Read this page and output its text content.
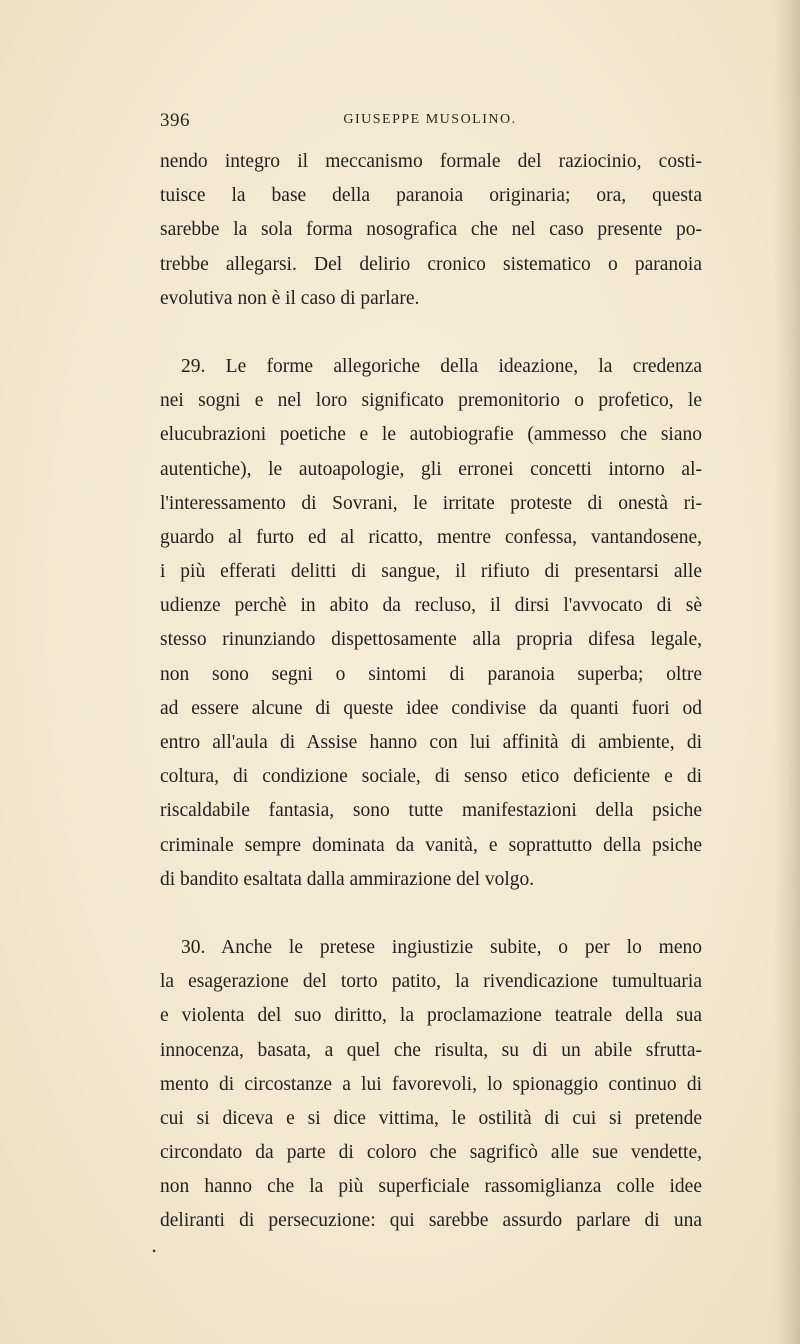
396	GIUSEPPE MUSOLINO.
nendo integro il meccanismo formale del raziocinio, costi-
tuisce la base della paranoia originaria; ora, questa
sarebbe la sola forma nosografica che nel caso presente po-
trebbe allegarsi. Del delirio cronico sistematico o paranoia
evolutiva non è il caso di parlare.
29. Le forme allegoriche della ideazione, la credenza
nei sogni e nel loro significato premonitorio o profetico, le
elucubrazioni poetiche e le autobiografie (ammesso che siano
autentiche), le autoapologie, gli erronei concetti intorno al-
l'interessamento di Sovrani, le irritate proteste di onestà ri-
guardo al furto ed al ricatto, mentre confessa, vantandosene,
i più efferati delitti di sangue, il rifiuto di presentarsi alle
udienze perchè in abito da recluso, il dirsi l'avvocato di sè
stesso rinunziando dispettosamente alla propria difesa legale,
non sono segni o sintomi di paranoia superba; oltre
ad essere alcune di queste idee condivise da quanti fuori od
entro all'aula di Assise hanno con lui affinità di ambiente, di
coltura, di condizione sociale, di senso etico deficiente e di
riscaldabile fantasia, sono tutte manifestazioni della psiche
criminale sempre dominata da vanità, e soprattutto della psiche
di bandito esaltata dalla ammirazione del volgo.
30. Anche le pretese ingiustizie subite, o per lo meno
la esagerazione del torto patito, la rivendicazione tumultuaria
e violenta del suo diritto, la proclamazione teatrale della sua
innocenza, basata, a quel che risulta, su di un abile sfrutta-
mento di circostanze a lui favorevoli, lo spionaggio continuo di
cui si diceva e si dice vittima, le ostilità di cui si pretende
circondato da parte di coloro che sagrificò alle sue vendette,
non hanno che la più superficiale rassomiglianza colle idee
deliranti di persecuzione: qui sarebbe assurdo parlare di una
•
